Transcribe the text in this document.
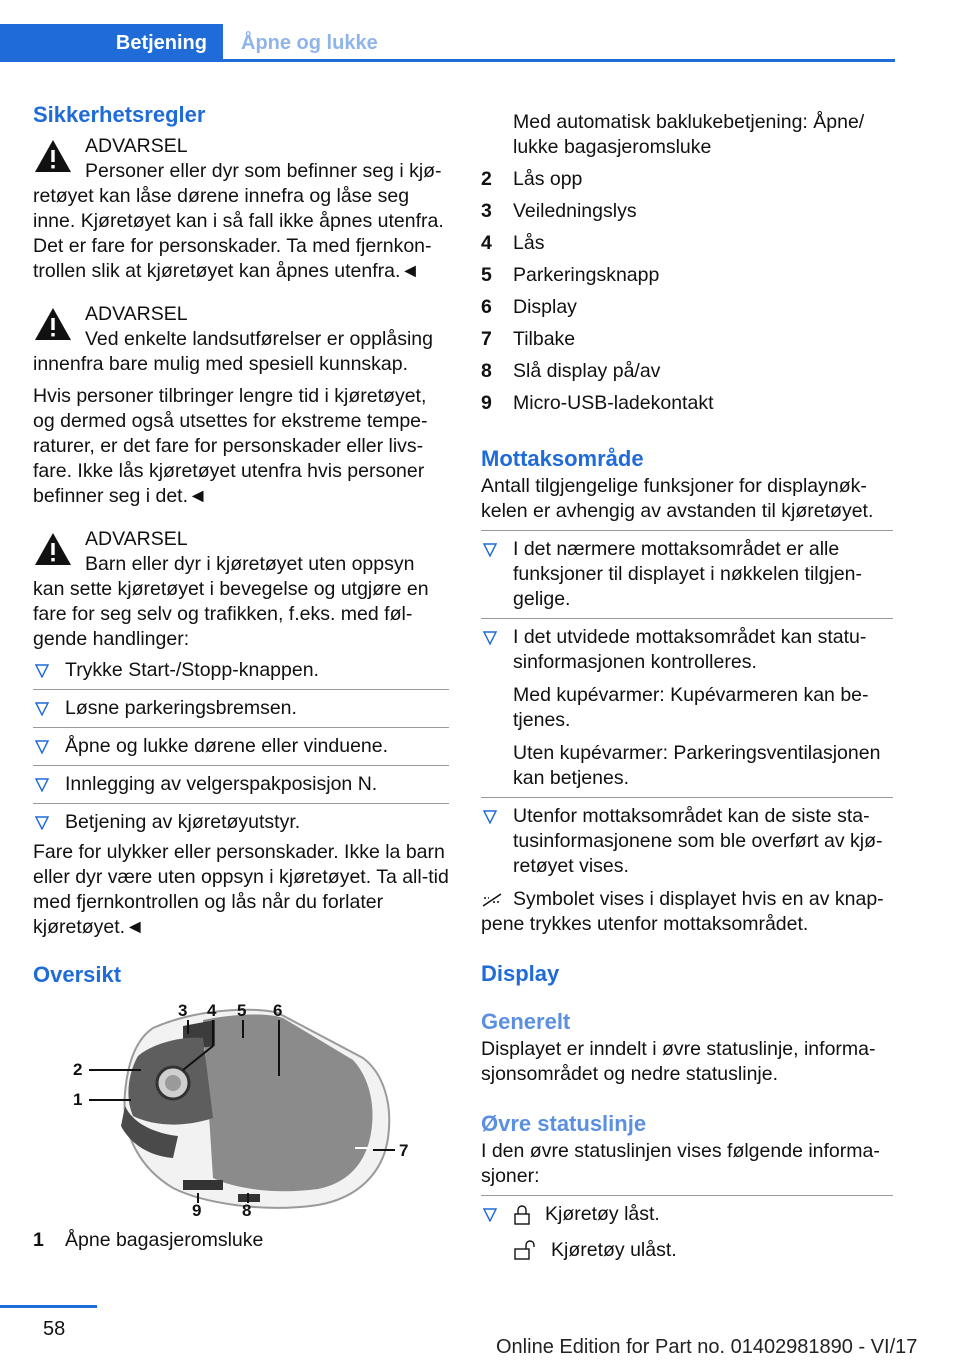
Betjening	Åpne og lukke
Sikkerhetsregler

ADVARSEL

Personer eller dyr som befinner seg i kjø-retøyet kan låse dørene innefra og låse seg inne. Kjøretøyet kan i så fall ikke åpnes utenfra. Det er fare for personskader. Ta med fjernkon-trollen slik at kjøretøyet kan åpnes utenfra.◄

ADVARSEL

Ved enkelte landsutførelser er opplåsing innenfra bare mulig med spesiell kunnskap.

Hvis personer tilbringer lengre tid i kjøretøyet, og dermed også utsettes for ekstreme tempe-raturer, er det fare for personskader eller livs-fare. Ikke lås kjøretøyet utenfra hvis personer befinner seg i det.◄

ADVARSEL

Barn eller dyr i kjøretøyet uten oppsyn kan sette kjøretøyet i bevegelse og utgjøre en fare for seg selv og trafikken, f.eks. med føl-gende handlinger:

Trykke Start-/Stopp-knappen.
Løsne parkeringsbremsen.
Åpne og lukke dørene eller vinduene.
Innlegging av velgerspakposisjon N.
Betjening av kjøretøyutstyr.

Fare for ulykker eller personskader. Ikke la barn eller dyr være uten oppsyn i kjøretøyet. Ta all-tid med fjernkontrollen og lås når du forlater kjøretøyet.◄

Oversikt
1
2
3 4 5 6
7
8
9
1	Åpne bagasjeromsluke

Med automatisk baklukebetjening: Åpne/ lukke bagasjeromsluke

2	Lås opp
3	Veiledningslys
4	Lås
5	Parkeringsknapp
6	Display
7	Tilbake
8	Slå display på/av
9	Micro-USB-ladekontakt
Mottaksområde

Antall tilgjengelige funksjoner for displaynøk-kelen er avhengig av avstanden til kjøretøyet.

I det nærmere mottaksområdet er alle funksjoner til displayet i nøkkelen tilgjen-gelige.

I det utvidede mottaksområdet kan statu-sinformasjonen kontrolleres.

Med kupévarmer: Kupévarmeren kan be-tjenes.

Uten kupévarmer: Parkeringsventilasjonen kan betjenes.

Utenfor mottaksområdet kan de siste sta-tusinformasjonene som ble overført av kjø-retøyet vises.

Symbolet vises i displayet hvis en av knap-pene trykkes utenfor mottaksområdet.

Display
Generelt

Displayet er inndelt i øvre statuslinje, informa-sjonsområdet og nedre statuslinje.

Øvre statuslinje

I den øvre statuslinjen vises følgende informa-sjoner:

Kjøretøy låst.
Kjøretøy ulåst.
58
Online Edition for Part no. 01402981890 - VI/17
